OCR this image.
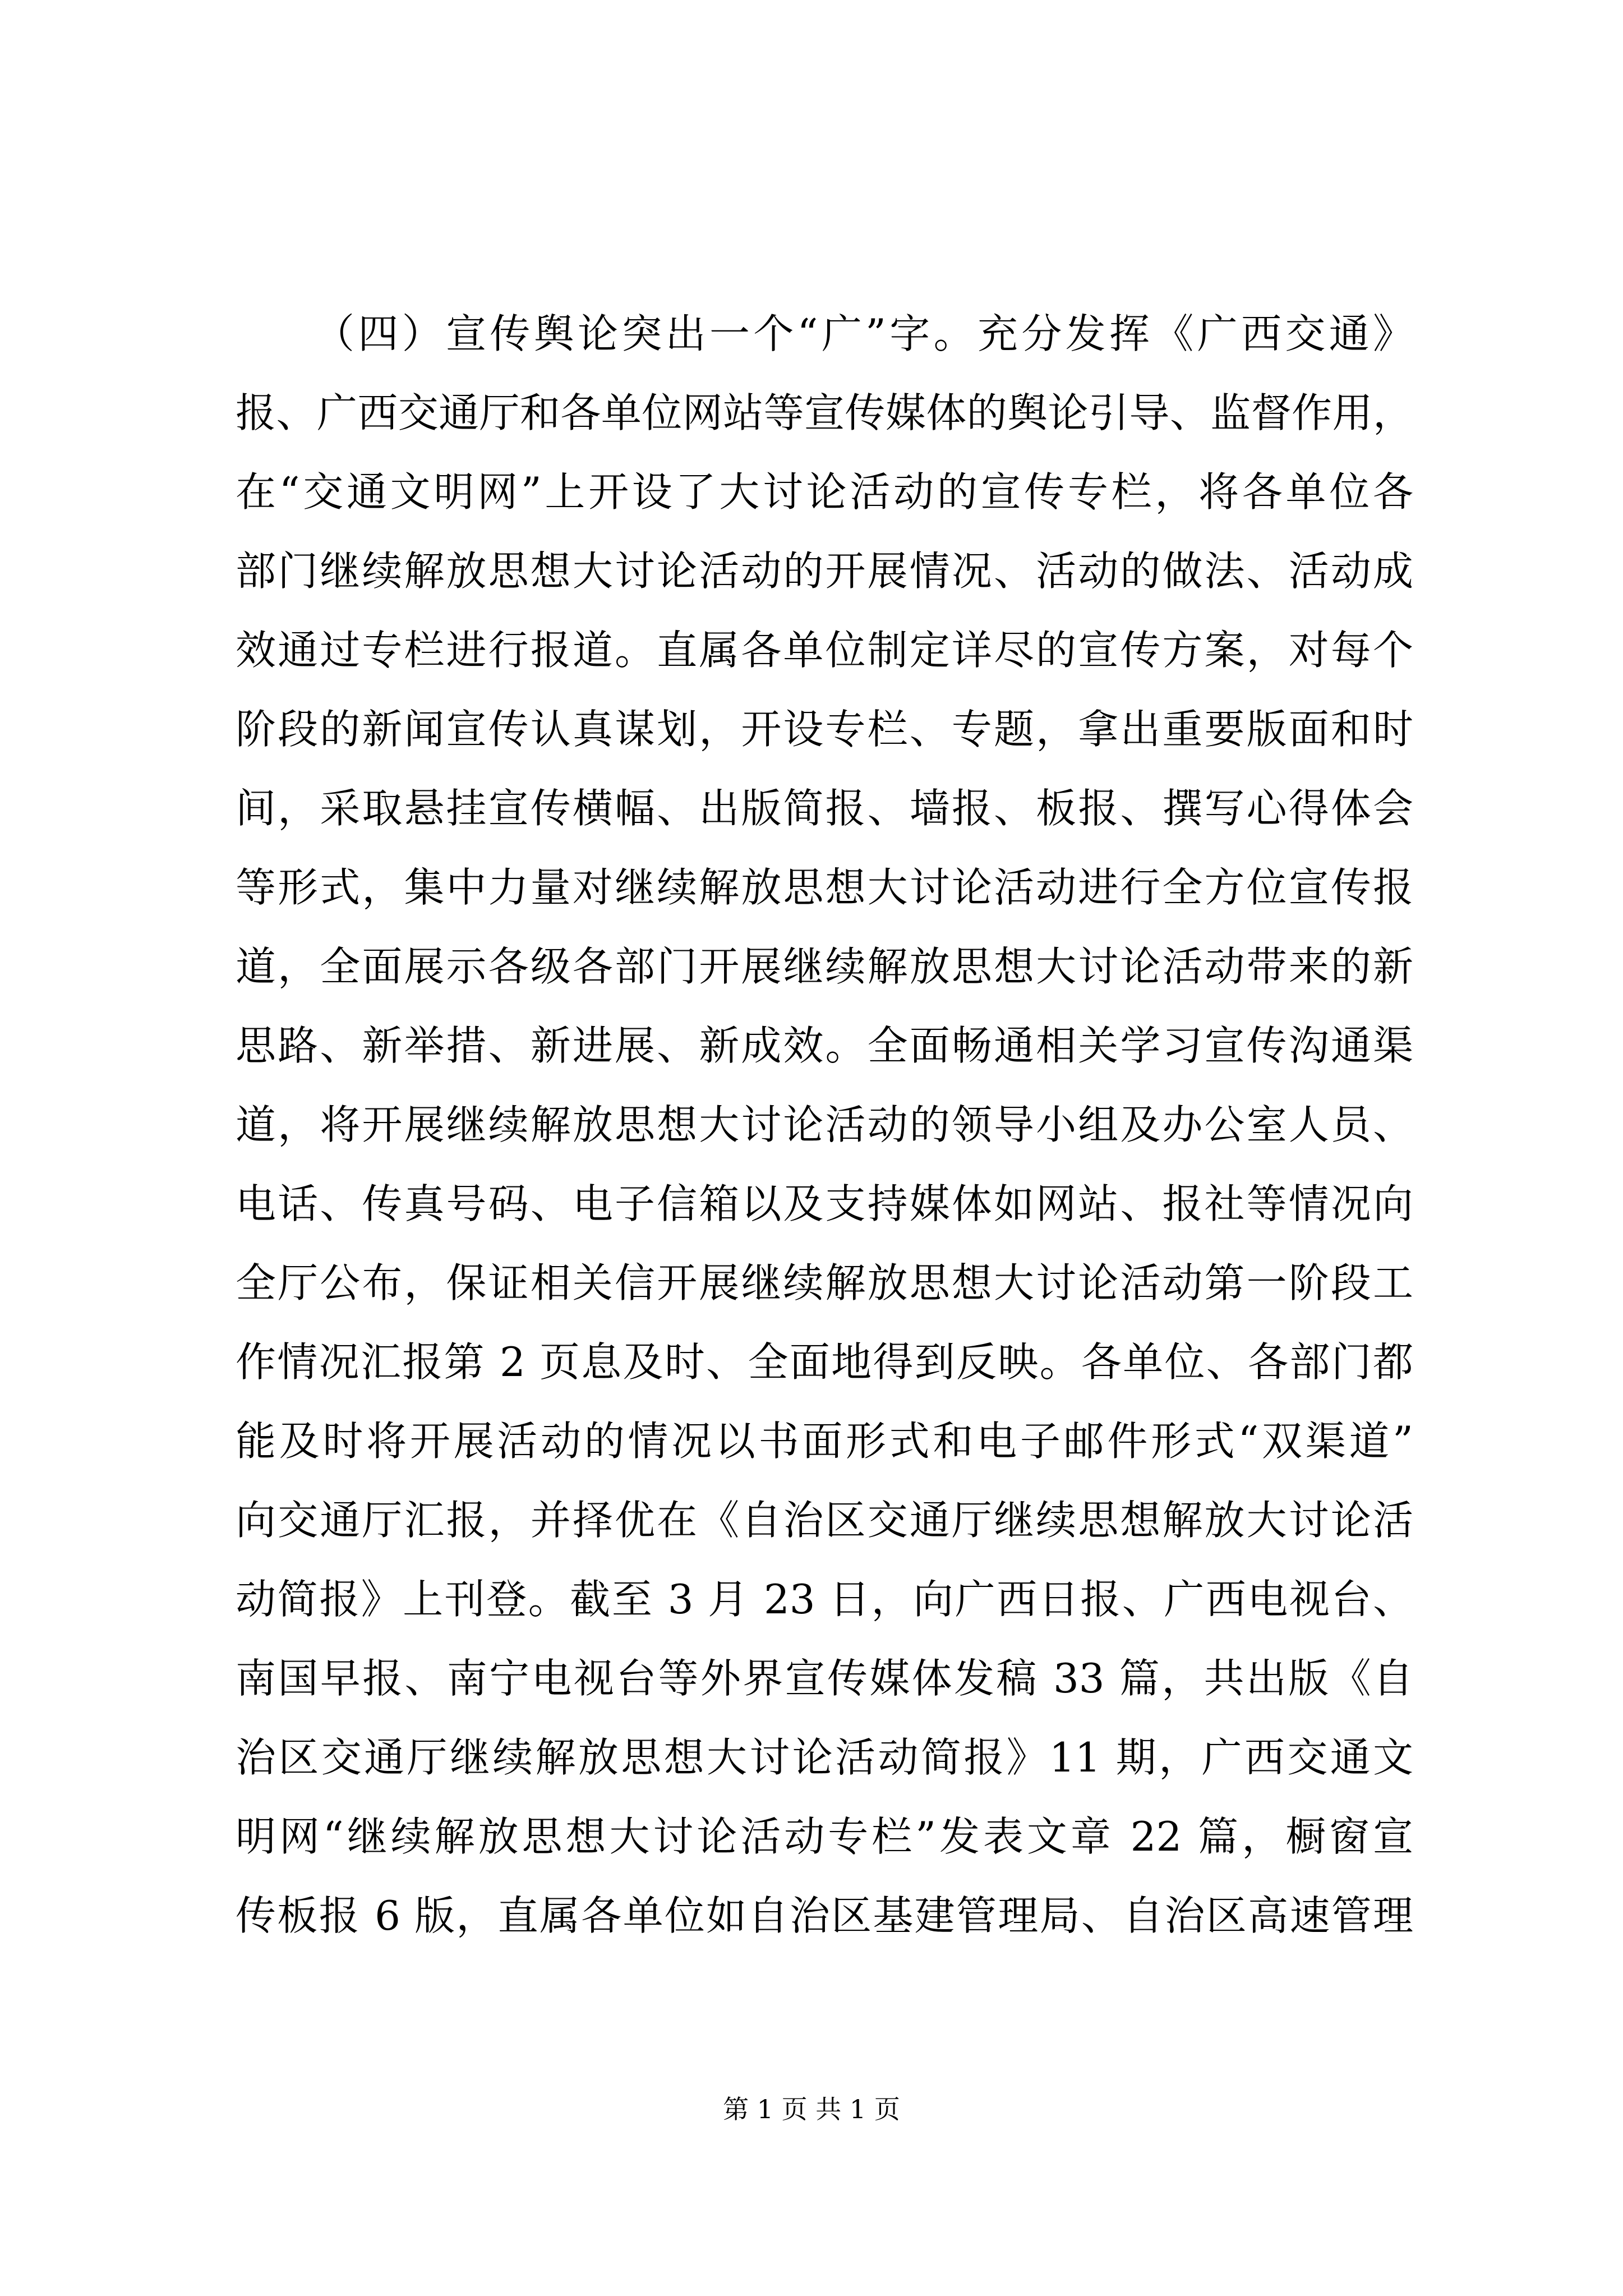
（四）宣传舆论突出一个“广”字。充分发挥《广西交通》
报、广西交通厅和各单位网站等宣传媒体的舆论引导、监督作用，
在“交通文明网”上开设了大讨论活动的宣传专栏，将各单位各
部门继续解放思想大讨论活动的开展情况、活动的做法、活动成
效通过专栏进行报道。直属各单位制定详尽的宣传方案，对每个
阶段的新闻宣传认真谋划，开设专栏、专题，拿出重要版面和时
间，采取悬挂宣传横幅、出版简报、墙报、板报、撰写心得体会
等形式，集中力量对继续解放思想大讨论活动进行全方位宣传报
道，全面展示各级各部门开展继续解放思想大讨论活动带来的新
思路、新举措、新进展、新成效。全面畅通相关学习宣传沟通渠
道，将开展继续解放思想大讨论活动的领导小组及办公室人员、
电话、传真号码、电子信箱以及支持媒体如网站、报社等情况向
全厅公布，保证相关信开展继续解放思想大讨论活动第一阶段工
作情况汇报第 2 页息及时、全面地得到反映。各单位、各部门都
能及时将开展活动的情况以书面形式和电子邮件形式“双渠道”
向交通厅汇报，并择优在《自治区交通厅继续思想解放大讨论活
动简报》上刊登。截至 3 月 23 日，向广西日报、广西电视台、
南国早报、南宁电视台等外界宣传媒体发稿 33 篇，共出版《自
治区交通厅继续解放思想大讨论活动简报》11 期，广西交通文
明网“继续解放思想大讨论活动专栏”发表文章 22 篇，橱窗宣
传板报 6 版，直属各单位如自治区基建管理局、自治区高速管理
第 1 页 共 1 页
